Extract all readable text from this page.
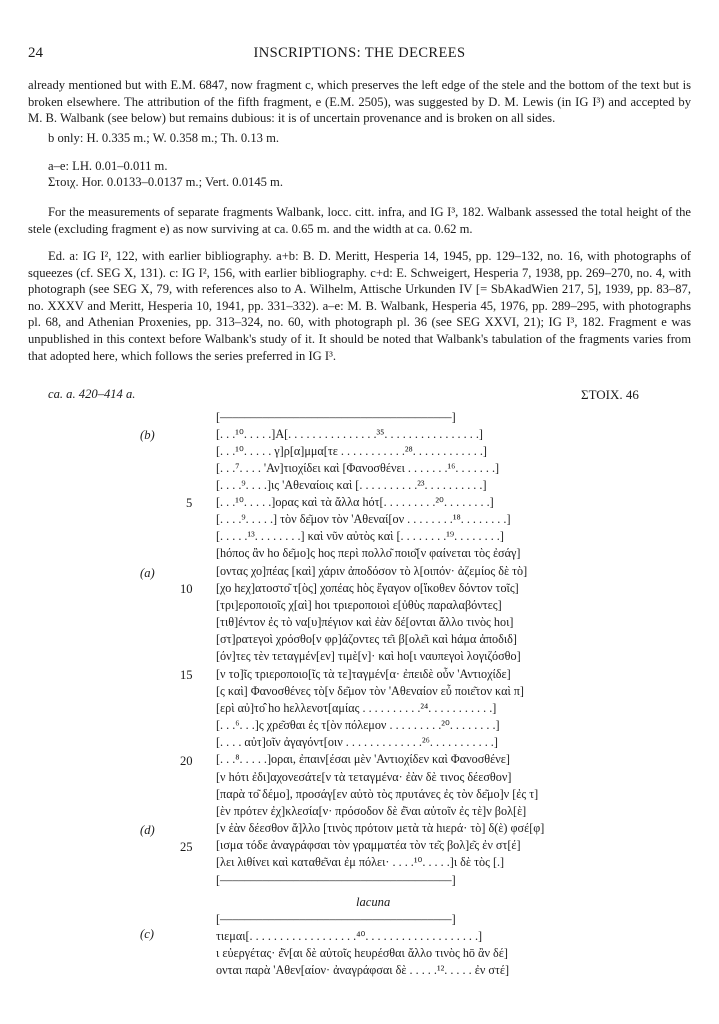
24	INSCRIPTIONS: THE DECREES
already mentioned but with E.M. 6847, now fragment c, which preserves the left edge of the stele and the bottom of the text but is broken elsewhere. The attribution of the fifth fragment, e (E.M. 2505), was suggested by D. M. Lewis (in IG I³) and accepted by M. B. Walbank (see below) but remains dubious: it is of uncertain provenance and is broken on all sides.
b only: H. 0.335 m.; W. 0.358 m.; Th. 0.13 m.
a–e: LH. 0.01–0.011 m.
Στοιχ. Hor. 0.0133–0.0137 m.; Vert. 0.0145 m.
For the measurements of separate fragments Walbank, locc. citt. infra, and IG I³, 182. Walbank assessed the total height of the stele (excluding fragment e) as now surviving at ca. 0.65 m. and the width at ca. 0.62 m.
Ed. a: IG I², 122, with earlier bibliography. a+b: B. D. Meritt, Hesperia 14, 1945, pp. 129–132, no. 16, with photographs of squeezes (cf. SEG X, 131). c: IG I², 156, with earlier bibliography. c+d: E. Schweigert, Hesperia 7, 1938, pp. 269–270, no. 4, with photograph (see SEG X, 79, with references also to A. Wilhelm, Attische Urkunden IV [= SbAkadWien 217, 5], 1939, pp. 83–87, no. XXXV and Meritt, Hesperia 10, 1941, pp. 331–332). a–e: M. B. Walbank, Hesperia 45, 1976, pp. 289–295, with photographs pl. 68, and Athenian Proxenies, pp. 313–324, no. 60, with photograph pl. 36 (see SEG XXVI, 21); IG I³, 182. Fragment e was unpublished in this context before Walbank's study of it. It should be noted that Walbank's tabulation of the fragments varies from that adopted here, which follows the series preferred in IG I³.
ca. a. 420–414 a.	ΣΤΟΙΧ. 46
(b)
(a)
(d)
(c)
5
10
15
20
25
[––––––––––––––––––––––––––––––––––––––]
[. . .¹⁰. . . . .]Α[. . . . . . . . . . . . . . .³⁵. . . . . . . . . . . . . . . .]
[. . .¹⁰. . . . . γ]ρ[α]μμα[τε . . . . . . . . . . .²⁸. . . . . . . . . . . .]
[. . .⁷. . . . 'Αν]τιοχίδει καὶ [Φανοσθένει . . . . . . .¹⁶. . . . . . .]
[. . . .⁹. . . .]ις 'Αθεναίοις καὶ [. . . . . . . . . .²³. . . . . . . . . .]
[. . .¹⁰. . . . .]ορας καὶ τὰ ἄλλα hότ[. . . . . . . . .²⁰. . . . . . . .]
[. . . .⁹. . . . .] τὸν δε͂μον τὸν 'Αθεναί[ον . . . . . . . .¹⁸. . . . . . . .]
[. . . . .¹³. . . . . . . .] καὶ νῦν αὐτὸς καὶ [. . . . . . . .¹⁹. . . . . . . .]
[hόπος ἂν ho δε͂μο]ς hος περὶ πολλο͂ ποιο͂[ν φαίνεται τὸς ἐσάγ]
[οντας χο]πέας [καὶ] χάριν ἀποδόσον τὸ λ[οιπόν· ἀζεμίος δὲ τὸ]
[χο hεχ]ατοστο͂ τ[ὸς] χοπέας hὸς ἔγαγον ο[ἴκοθεν δόντον τοῖς]
[τρι]εροποιοῖς χ[αὶ] hοι τριεροποιοὶ ε[ὐθὺς παραλαβόντες]
[τιθ]έντον ἐς τὸ να[υ]πέγιον καὶ ἐὰν δέ[ονται ἄλλο τινὸς hοι]
[στ]ρατεγοὶ χρόσθο[ν φρ]άζοντες τε͂ι β[ολε͂ι καὶ hάμα ἀποδιδ]
[όν]τες τὲν τεταγμέν[εν] τιμὲ[ν]· καὶ hο[ι ναυπεγοὶ λογιζόσθο]
[ν το]ῖς τριεροποιο[ῖς τὰ τε]ταγμέν[α· ἐπειδὲ οὖν 'Αντιοχίδε]
[ς καὶ] Φανοσθένες τὸ[ν δε͂μον τὸν 'Αθεναίον εὖ ποιε͂τον καὶ π]
[ερὶ αὐ]το̂ ho hελλενοτ[αμίας . . . . . . . . . .²⁴. . . . . . . . . . .]
[. . .⁶. . .]ς χρε͂σθαι ἐς τ[ὸν πόλεμον . . . . . . . . .²⁰. . . . . . . .]
[. . . . αὐτ]οῖν ἀγαγόντ[οιν . . . . . . . . . . . . .²⁶. . . . . . . . . . .]
[. . .⁸. . . . .]οραι, ἐπαιν[έσαι μὲν 'Αντιοχίδεν καὶ Φανοσθένε]
[ν hότι ἐδι]αχονεσάτε[ν τὰ τεταγμένα· ἐὰν δὲ τινος δέεσθον]
[παρὰ το͂ δέμο], προσάγ[εν αὐτὸ τὸς πρυτάνες ἐς τὸν δε͂μο]ν [ἐς τ]
[ὲν πρότεν ἐχ]κλεσία[ν· πρόσοδον δὲ ἐ͂ναι αὐτοῖν ἐς τὲ]ν βολ[ὲ]
[ν ἐὰν δέεσθον ἄ]λλο [τινὸς πρότοιν μετὰ τὰ hιερά· τὸ] δ(ὲ) φσέ[φ]
[ισμα τόδε ἀναγράφσαι τὸν γραμματέα τὸν τε͂ς βολ]ε͂ς ἐν στ[έ]
[λει λιθίνει καὶ καταθε͂ναι ἐμ πόλει· . . . .¹⁰. . . . .]ι δὲ τὸς [.]
[––––––––––––––––––––––––––––––––––––––]
lacuna
[––––––––––––––––––––––––––––––––––––––]
τιεμαι[. . . . . . . . . . . . . . . . . .⁴⁰. . . . . . . . . . . . . . . . . . .]
ι εὐεργέτας· ἐ͂ν[αι δὲ αὐτοῖς hευρέσθαι ἄλλο τινὸς hō ἂν δέ]
ονται παρὰ 'Αθεν[αίον· ἀναγράφσαι δὲ . . . . .¹². . . . . ἐν στέ]
